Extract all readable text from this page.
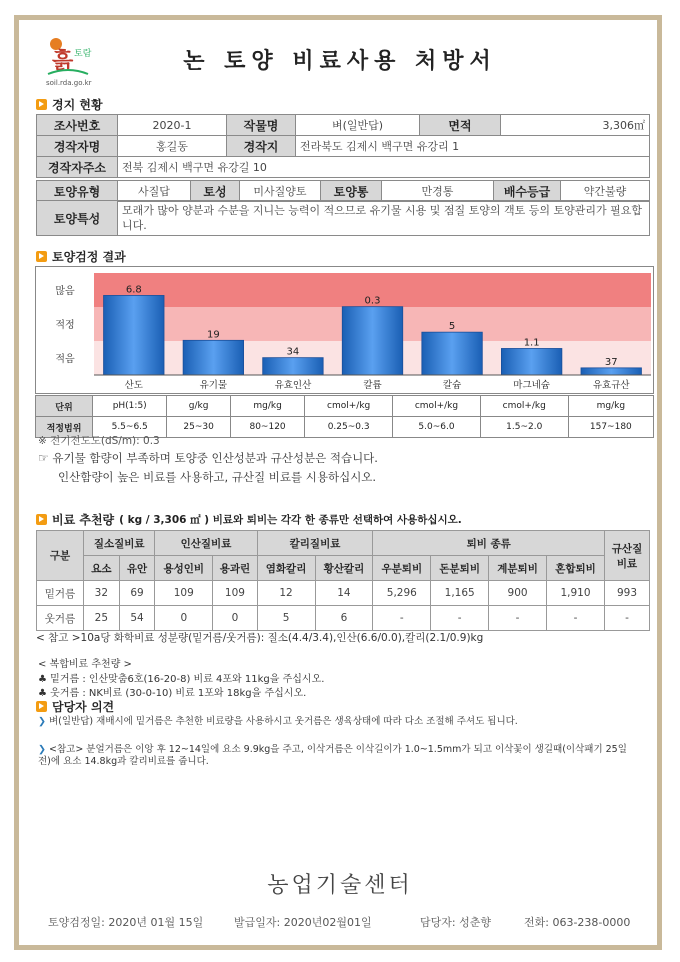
흙 토람
soil.rda.go.kr
논 토양 비료사용 처방서
경지 현황
조사번호	2020-1	작물명	벼(일반답)	면적	3,306㎡
경작자명	홍길동	경작지	전라북도 김제시 백구면 유강리 1		
경작자주소	전북 김제시 백구면 유강길 10				
토양유형	사질답	토성	미사질양토	토양통	만경통	배수등급	약간불량
토양특성	모래가 많아 양분과 수분을 지니는 능력이 적으므로 유기물 시용 및 점질 토양의 객토 등의 토양관리가 필요합니다.
토양검정 결과
많음
적정
적음
6.8
산도
19
유기물
34
유효인산
0.3
칼륨
5
칼슘
1.1
마그네슘
37
유효규산
단위	pH(1:5)	g/kg	mg/kg	cmol+/kg	cmol+/kg	cmol+/kg	mg/kg
적정범위	5.5~6.5	25~30	80~120	0.25~0.3	5.0~6.0	1.5~2.0	157~180
※ 전기전도도(dS/m): 0.3
☞ 유기물 함량이 부족하며 토양중 인산성분과 규산성분은 적습니다.
인산함량이 높은 비료를 사용하고, 규산질 비료를 시용하십시오.
비료 추천량 ( kg / 3,306 ㎡ ) 비료와 퇴비는 각각 한 종류만 선택하여 사용하십시오.
구분	질소질비료		인산질비료		칼리질비료		퇴비 종류				규산질 비료
	요소	유안	용성인비	용과린	염화칼리	황산칼리	우분퇴비	돈분퇴비	계분퇴비	혼합퇴비	
밑거름	32	69	109	109	12	14	5,296	1,165	900	1,910	993
웃거름	25	54	0	0	5	6	-	-	-	-	-
< 참고 >10a당 화학비료 성분량(밑거름/웃거름): 질소(4.4/3.4),인산(6.6/0.0),칼리(2.1/0.9)kg
< 복합비료 추천량 >
♣ 밑거름 : 인산맞춤6호(16-20-8) 비료 4포와 11kg을 주십시오.
♣ 웃거름 : NK비료 (30-0-10) 비료 1포와 18kg을 주십시오.
담당자 의견
❯ 벼(일반답) 재배시에 밑거름은 추천한 비료량을 사용하시고 웃거름은 생육상태에 따라 다소 조절해 주셔도 됩니다.
❯ <참고> 분얼거름은 이앙 후 12~14일에 요소 9.9kg을 주고, 이삭거름은 이삭길이가 1.0~1.5mm가 되고 이삭꽃이 생길때(이삭패기 25일 전)에 요소 14.8kg과 칼리비료를 줍니다.
농업기술센터
토양검정일: 2020년 01월 15일	발급일자: 2020년02월01일	담당자: 성춘향	전화: 063-238-0000
